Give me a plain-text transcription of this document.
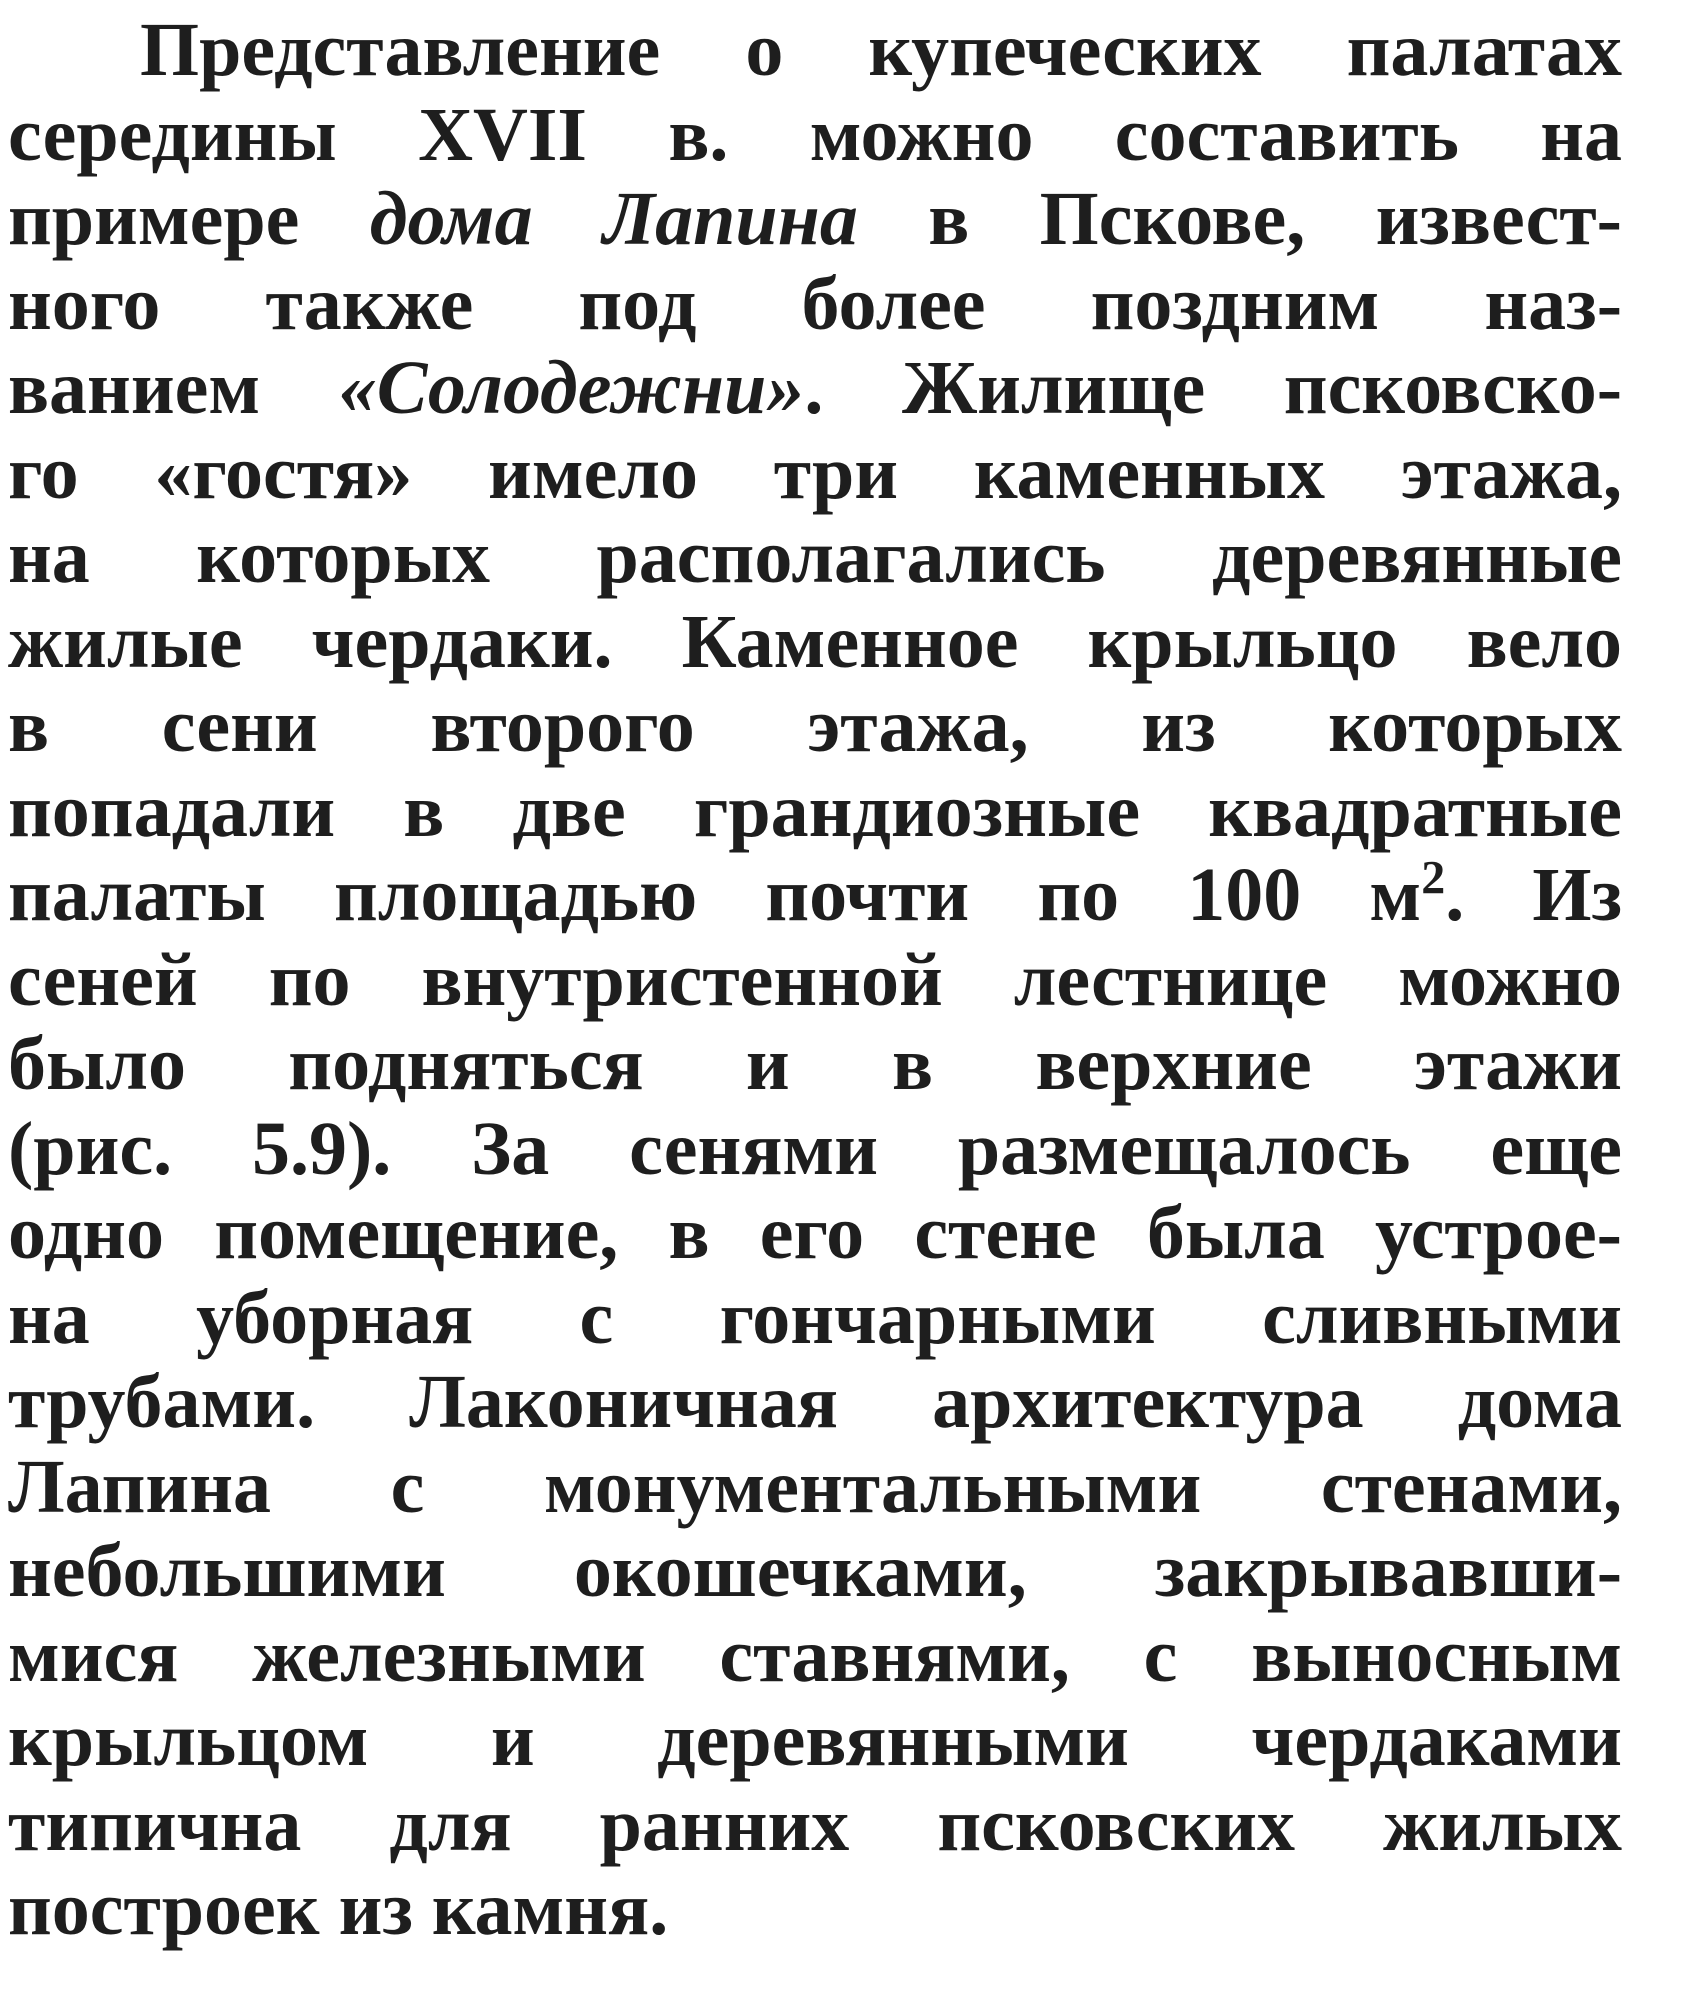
Представление о купеческих палатах
середины XVII в. можно составить на
примере дома Лапина в Пскове, извест-
ного также под более поздним наз-
ванием «Солодежни». Жилище псковско-
го «гостя» имело три каменных этажа,
на которых располагались деревянные
жилые чердаки. Каменное крыльцо вело
в сени второго этажа, из которых
попадали в две грандиозные квадратные
палаты площадью почти по 100 $м^2$. Из
сеней по внутристенной лестнице можно
было подняться и в верхние этажи
(рис. 5.9). За сенями размещалось еще
одно помещение, в его стене была устрое-
на уборная с гончарными сливными
трубами. Лаконичная архитектура дома
Лапина с монументальными стенами,
небольшими окошечками, закрывавши-
мися железными ставнями, с выносным
крыльцом и деревянными чердаками
типична для ранних псковских жилых
построек из камня.
